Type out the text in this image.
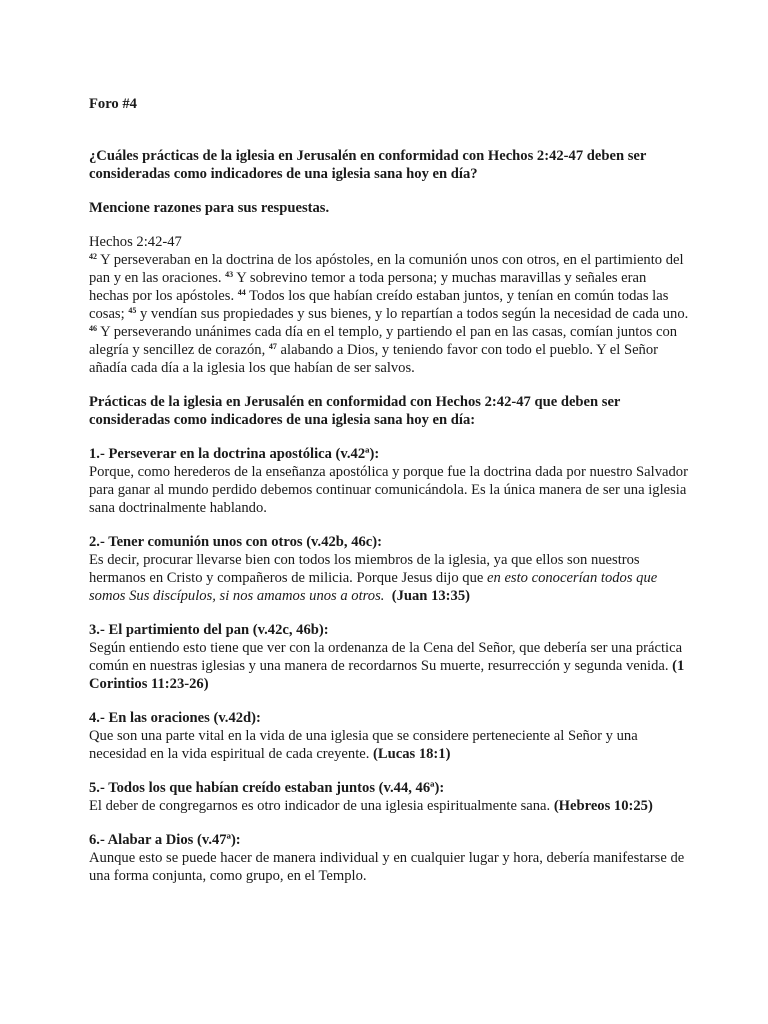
Foro #4

¿Cuáles prácticas de la iglesia en Jerusalén en conformidad con Hechos 2:42-47 deben ser consideradas como indicadores de una iglesia sana hoy en día?

Mencione razones para sus respuestas.

Hechos 2:42-47

$^{42}$ Y perseveraban en la doctrina de los apóstoles, en la comunión unos con otros, en el partimiento del pan y en las oraciones. $^{43}$ Y sobrevino temor a toda persona; y muchas maravillas y señales eran hechas por los apóstoles. $^{44}$ Todos los que habían creído estaban juntos, y tenían en común todas las cosas; $^{45}$ y vendían sus propiedades y sus bienes, y lo repartían a todos según la necesidad de cada uno. $^{46}$ Y perseverando unánimes cada día en el templo, y partiendo el pan en las casas, comían juntos con alegría y sencillez de corazón, $^{47}$ alabando a Dios, y teniendo favor con todo el pueblo. Y el Señor añadía cada día a la iglesia los que habían de ser salvos.

Prácticas de la iglesia en Jerusalén en conformidad con Hechos 2:42-47 que deben ser consideradas como indicadores de una iglesia sana hoy en día:

1.- Perseverar en la doctrina apostólica (v.42ª):

Porque, como herederos de la enseñanza apostólica y porque fue la doctrina dada por nuestro Salvador para ganar al mundo perdido debemos continuar comunicándola. Es la única manera de ser una iglesia sana doctrinalmente hablando.

2.- Tener comunión unos con otros (v.42b, 46c):

Es decir, procurar llevarse bien con todos los miembros de la iglesia, ya que ellos son nuestros hermanos en Cristo y compañeros de milicia. Porque Jesus dijo que en esto conocerían todos que somos Sus discípulos, si nos amamos unos a otros. (Juan 13:35)

3.- El partimiento del pan (v.42c, 46b):

Según entiendo esto tiene que ver con la ordenanza de la Cena del Señor, que debería ser una práctica común en nuestras iglesias y una manera de recordarnos Su muerte, resurrección y segunda venida. (1 Corintios 11:23-26)

4.- En las oraciones (v.42d):

Que son una parte vital en la vida de una iglesia que se considere perteneciente al Señor y una necesidad en la vida espiritual de cada creyente. (Lucas 18:1)

5.- Todos los que habían creído estaban juntos (v.44, 46ª):

El deber de congregarnos es otro indicador de una iglesia espiritualmente sana. (Hebreos 10:25)

6.- Alabar a Dios (v.47ª):

Aunque esto se puede hacer de manera individual y en cualquier lugar y hora, debería manifestarse de una forma conjunta, como grupo, en el Templo.
